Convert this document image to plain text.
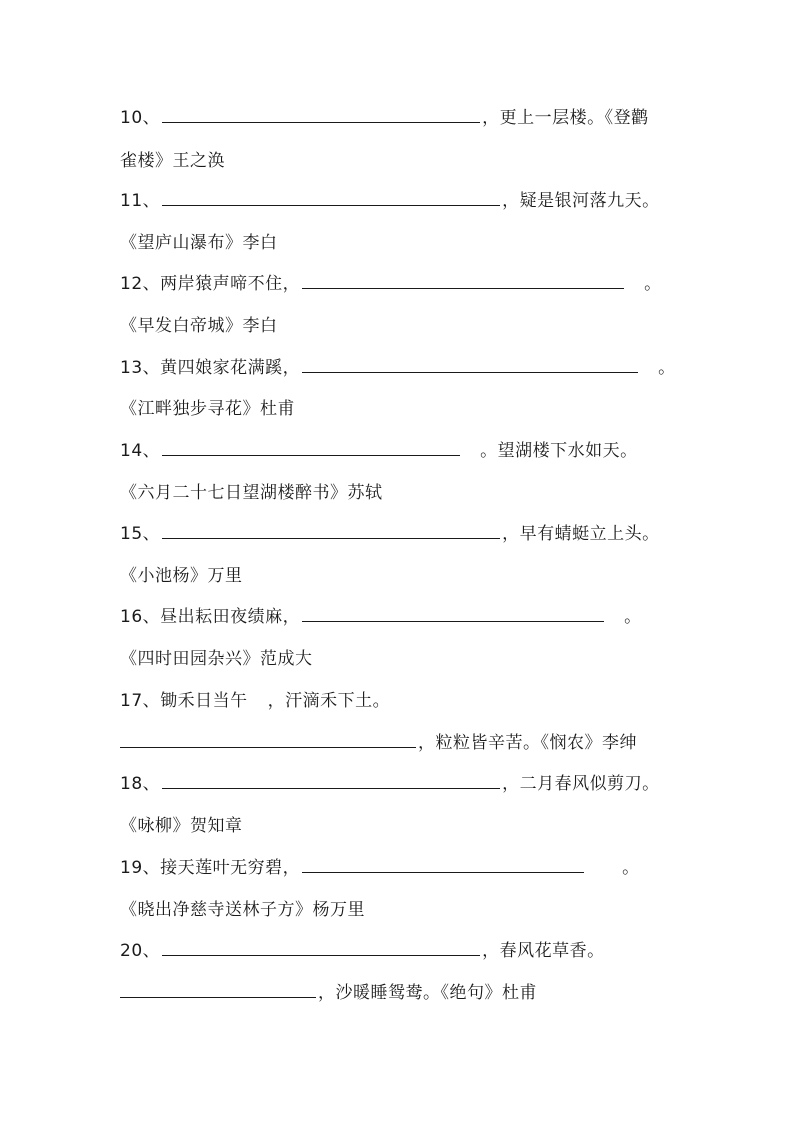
10、	，更上一层楼。《登鹳
雀楼》王之涣
11、	，疑是银河落九天。
《望庐山瀑布》李白
12、两岸猿声啼不住，	。
《早发白帝城》李白
13、黄四娘家花满蹊，	。
《江畔独步寻花》杜甫
14、	。望湖楼下水如天。
《六月二十七日望湖楼醉书》苏轼
15、	，早有蜻蜓立上头。
《小池杨》万里
16、昼出耘田夜绩麻，	。
《四时田园杂兴》范成大
17、锄禾日当午 ，汗滴禾下土。
，粒粒皆辛苦。《悯农》李绅
18、	，二月春风似剪刀。
《咏柳》贺知章
19、接天莲叶无穷碧，	。
《晓出净慈寺送林子方》杨万里
20、	，春风花草香。
，沙暖睡鸳鸯。《绝句》杜甫
